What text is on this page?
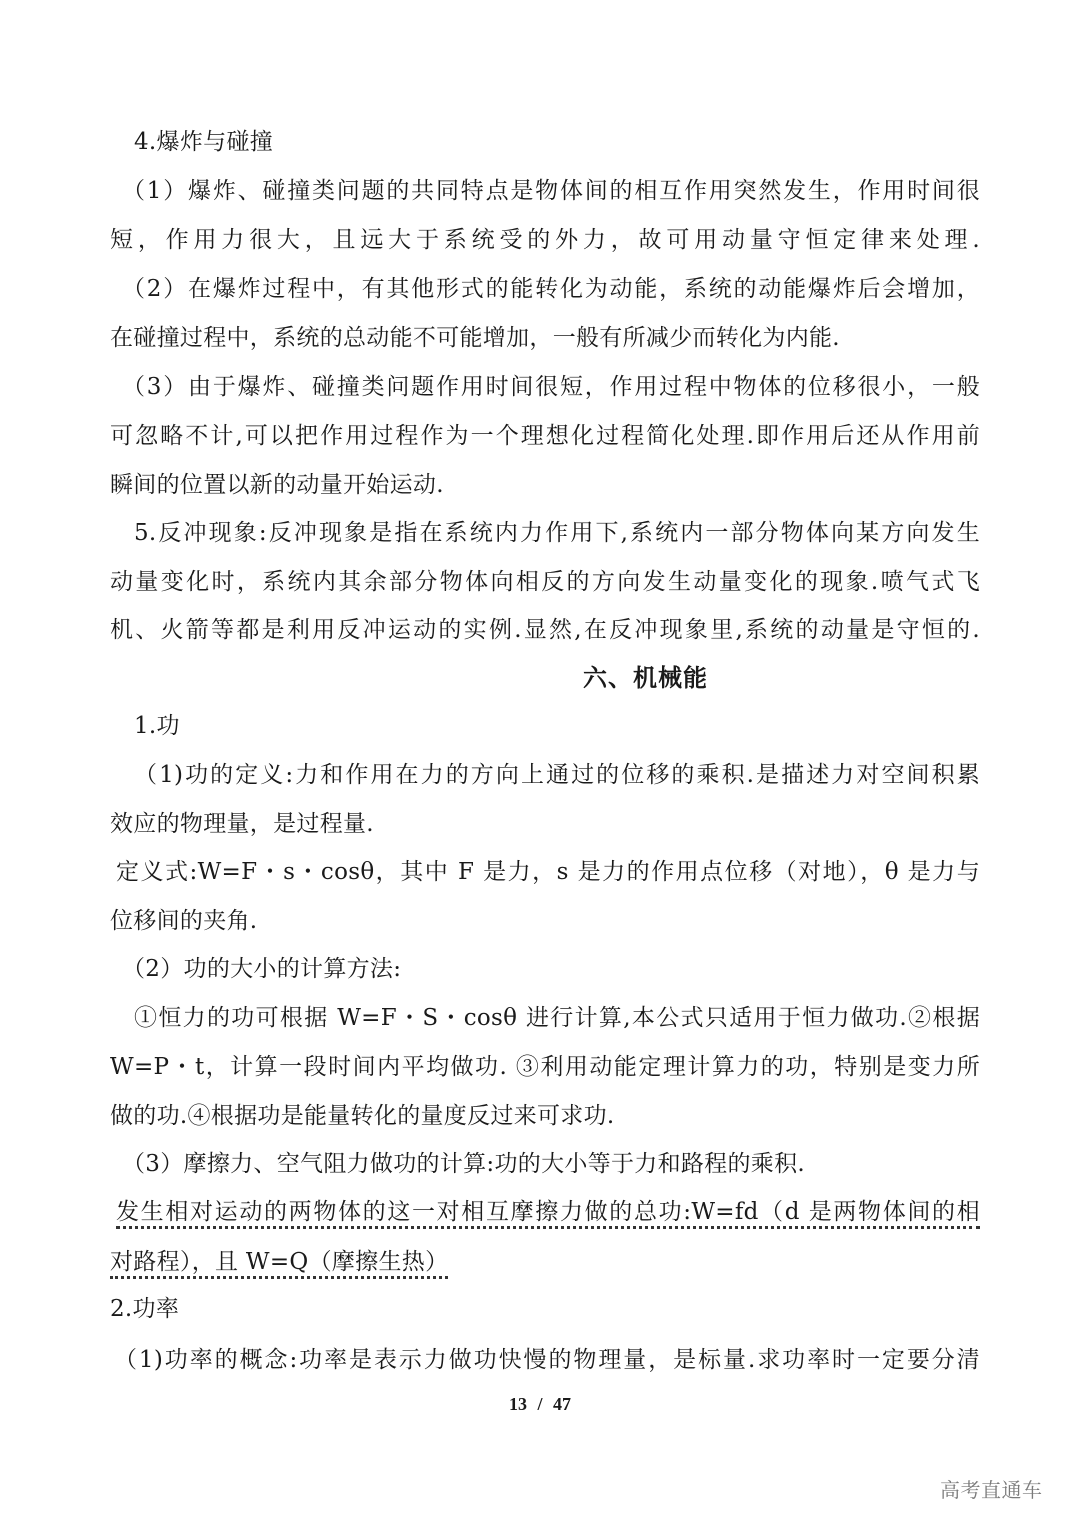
4.爆炸与碰撞
（1）爆炸、碰撞类问题的共同特点是物体间的相互作用突然发生，作用时间很
短，作用力很大，且远大于系统受的外力，故可用动量守恒定律来处理.
（2）在爆炸过程中，有其他形式的能转化为动能，系统的动能爆炸后会增加，
在碰撞过程中，系统的总动能不可能增加，一般有所减少而转化为内能.
（3）由于爆炸、碰撞类问题作用时间很短，作用过程中物体的位移很小，一般
可忽略不计,可以把作用过程作为一个理想化过程简化处理.即作用后还从作用前
瞬间的位置以新的动量开始运动.
5.反冲现象:反冲现象是指在系统内力作用下,系统内一部分物体向某方向发生
动量变化时，系统内其余部分物体向相反的方向发生动量变化的现象.喷气式飞
机、火箭等都是利用反冲运动的实例.显然,在反冲现象里,系统的动量是守恒的.
六、机械能
1.功
（1)功的定义:力和作用在力的方向上通过的位移的乘积.是描述力对空间积累
效应的物理量，是过程量.
定义式:W=F・s・cosθ，其中 F 是力，s 是力的作用点位移（对地），θ 是力与
位移间的夹角.
（2）功的大小的计算方法:
①恒力的功可根据 W=F・S・cosθ 进行计算,本公式只适用于恒力做功.②根据
W=P・t，计算一段时间内平均做功. ③利用动能定理计算力的功，特别是变力所
做的功.④根据功是能量转化的量度反过来可求功.
（3）摩擦力、空气阻力做功的计算:功的大小等于力和路程的乘积.
发生相对运动的两物体的这一对相互摩擦力做的总功:W=fd（d 是两物体间的相
对路程），且 W=Q（摩擦生热）
2.功率
（1)功率的概念:功率是表示力做功快慢的物理量，是标量.求功率时一定要分清
13 / 47
高考直通车
